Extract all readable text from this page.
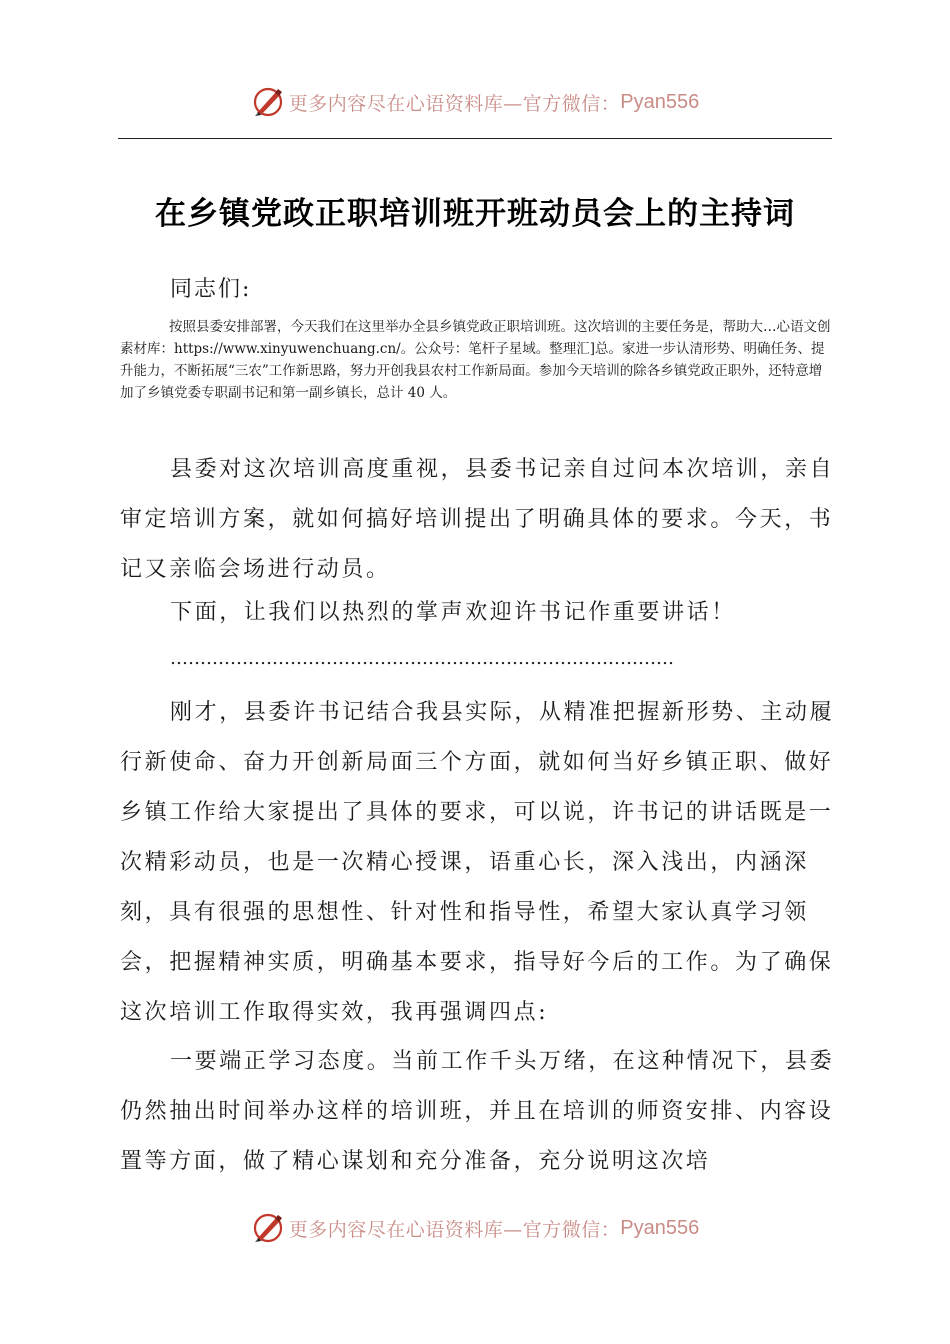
更多内容尽在心语资料库—官方微信： Pyan556
在乡镇党政正职培训班开班动员会上的主持词
同志们:
按照县委安排部署，今天我们在这里举办全县乡镇党政正职培训班。这次培训的主要任务是，帮助大…心语文创素材库：https://www.xinyuwenchuang.cn/。公众号：笔杆子星域。整理汇]总。家进一步认清形势、明确任务、提升能力，不断拓展“三农”工作新思路，努力开创我县农村工作新局面。参加今天培训的除各乡镇党政正职外，还特意增加了乡镇党委专职副书记和第一副乡镇长，总计 40 人。
县委对这次培训高度重视，县委书记亲自过问本次培训，亲自审定培训方案，就如何搞好培训提出了明确具体的要求。今天，书记又亲临会场进行动员。
下面，让我们以热烈的掌声欢迎许书记作重要讲话！
…………………………………………………………………………
刚才，县委许书记结合我县实际，从精准把握新形势、主动履行新使命、奋力开创新局面三个方面，就如何当好乡镇正职、做好乡镇工作给大家提出了具体的要求，可以说，许书记的讲话既是一次精彩动员，也是一次精心授课，语重心长，深入浅出，内涵深刻，具有很强的思想性、针对性和指导性，希望大家认真学习领会，把握精神实质，明确基本要求，指导好今后的工作。为了确保这次培训工作取得实效，我再强调四点:
一要端正学习态度。当前工作千头万绪，在这种情况下，县委仍然抽出时间举办这样的培训班，并且在培训的师资安排、内容设置等方面，做了精心谋划和充分准备，充分说明这次培
更多内容尽在心语资料库—官方微信： Pyan556
